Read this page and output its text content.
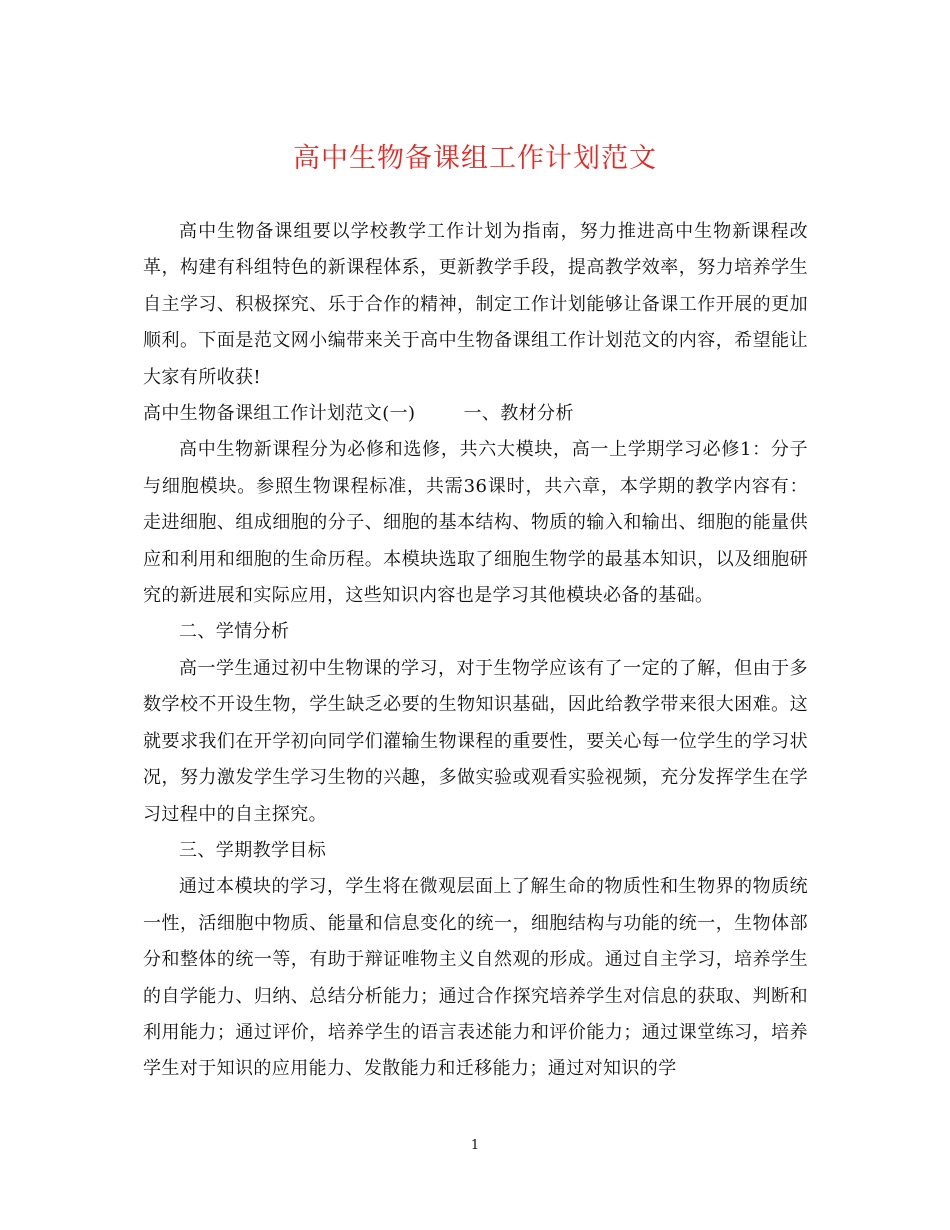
高中生物备课组工作计划范文

高中生物备课组要以学校教学工作计划为指南，努力推进高中生物新课程改革，构建有科组特色的新课程体系，更新教学手段，提高教学效率，努力培养学生自主学习、积极探究、乐于合作的精神，制定工作计划能够让备课工作开展的更加顺利。下面是范文网小编带来关于高中生物备课组工作计划范文的内容，希望能让大家有所收获!

高中生物备课组工作计划范文(一)	一、教材分析

高中生物新课程分为必修和选修，共六大模块，高一上学期学习必修1：分子与细胞模块。参照生物课程标准，共需36课时，共六章，本学期的教学内容有：走进细胞、组成细胞的分子、细胞的基本结构、物质的输入和输出、细胞的能量供应和利用和细胞的生命历程。本模块选取了细胞生物学的最基本知识，以及细胞研究的新进展和实际应用，这些知识内容也是学习其他模块必备的基础。

二、学情分析

高一学生通过初中生物课的学习，对于生物学应该有了一定的了解，但由于多数学校不开设生物，学生缺乏必要的生物知识基础，因此给教学带来很大困难。这就要求我们在开学初向同学们灌输生物课程的重要性，要关心每一位学生的学习状况，努力激发学生学习生物的兴趣，多做实验或观看实验视频，充分发挥学生在学习过程中的自主探究。

三、学期教学目标

通过本模块的学习，学生将在微观层面上了解生命的物质性和生物界的物质统一性，活细胞中物质、能量和信息变化的统一，细胞结构与功能的统一，生物体部分和整体的统一等，有助于辩证唯物主义自然观的形成。通过自主学习，培养学生的自学能力、归纳、总结分析能力；通过合作探究培养学生对信息的获取、判断和利用能力；通过评价，培养学生的语言表述能力和评价能力；通过课堂练习，培养学生对于知识的应用能力、发散能力和迁移能力；通过对知识的学

1
